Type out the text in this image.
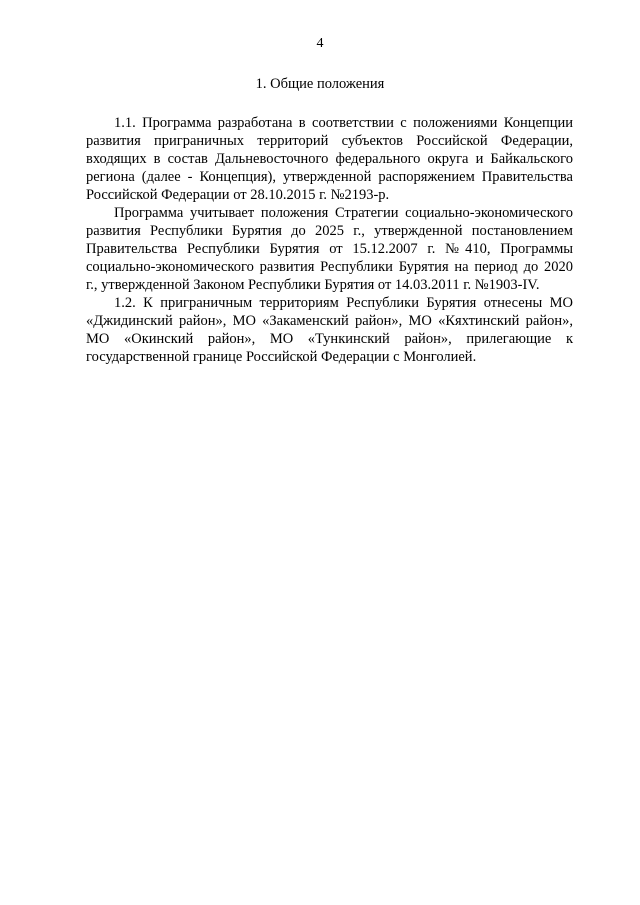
4
1. Общие положения

1.1. Программа разработана в соответствии с положениями Концепции развития приграничных территорий субъектов Российской Федерации, входящих в состав Дальневосточного федерального округа и Байкальского региона (далее - Концепция), утвержденной распоряжением Правительства Российской Федерации от 28.10.2015 г. №2193-р.

Программа учитывает положения Стратегии социально-экономического развития Республики Бурятия до 2025 г., утвержденной постановлением Правительства Республики Бурятия от 15.12.2007 г. №410, Программы социально-экономического развития Республики Бурятия на период до 2020 г., утвержденной Законом Республики Бурятия от 14.03.2011 г. №1903-IV.

1.2. К приграничным территориям Республики Бурятия отнесены МО «Джидинский район», МО «Закаменский район», МО «Кяхтинский район», МО «Окинский район», МО «Тункинский район», прилегающие к государственной границе Российской Федерации с Монголией.
